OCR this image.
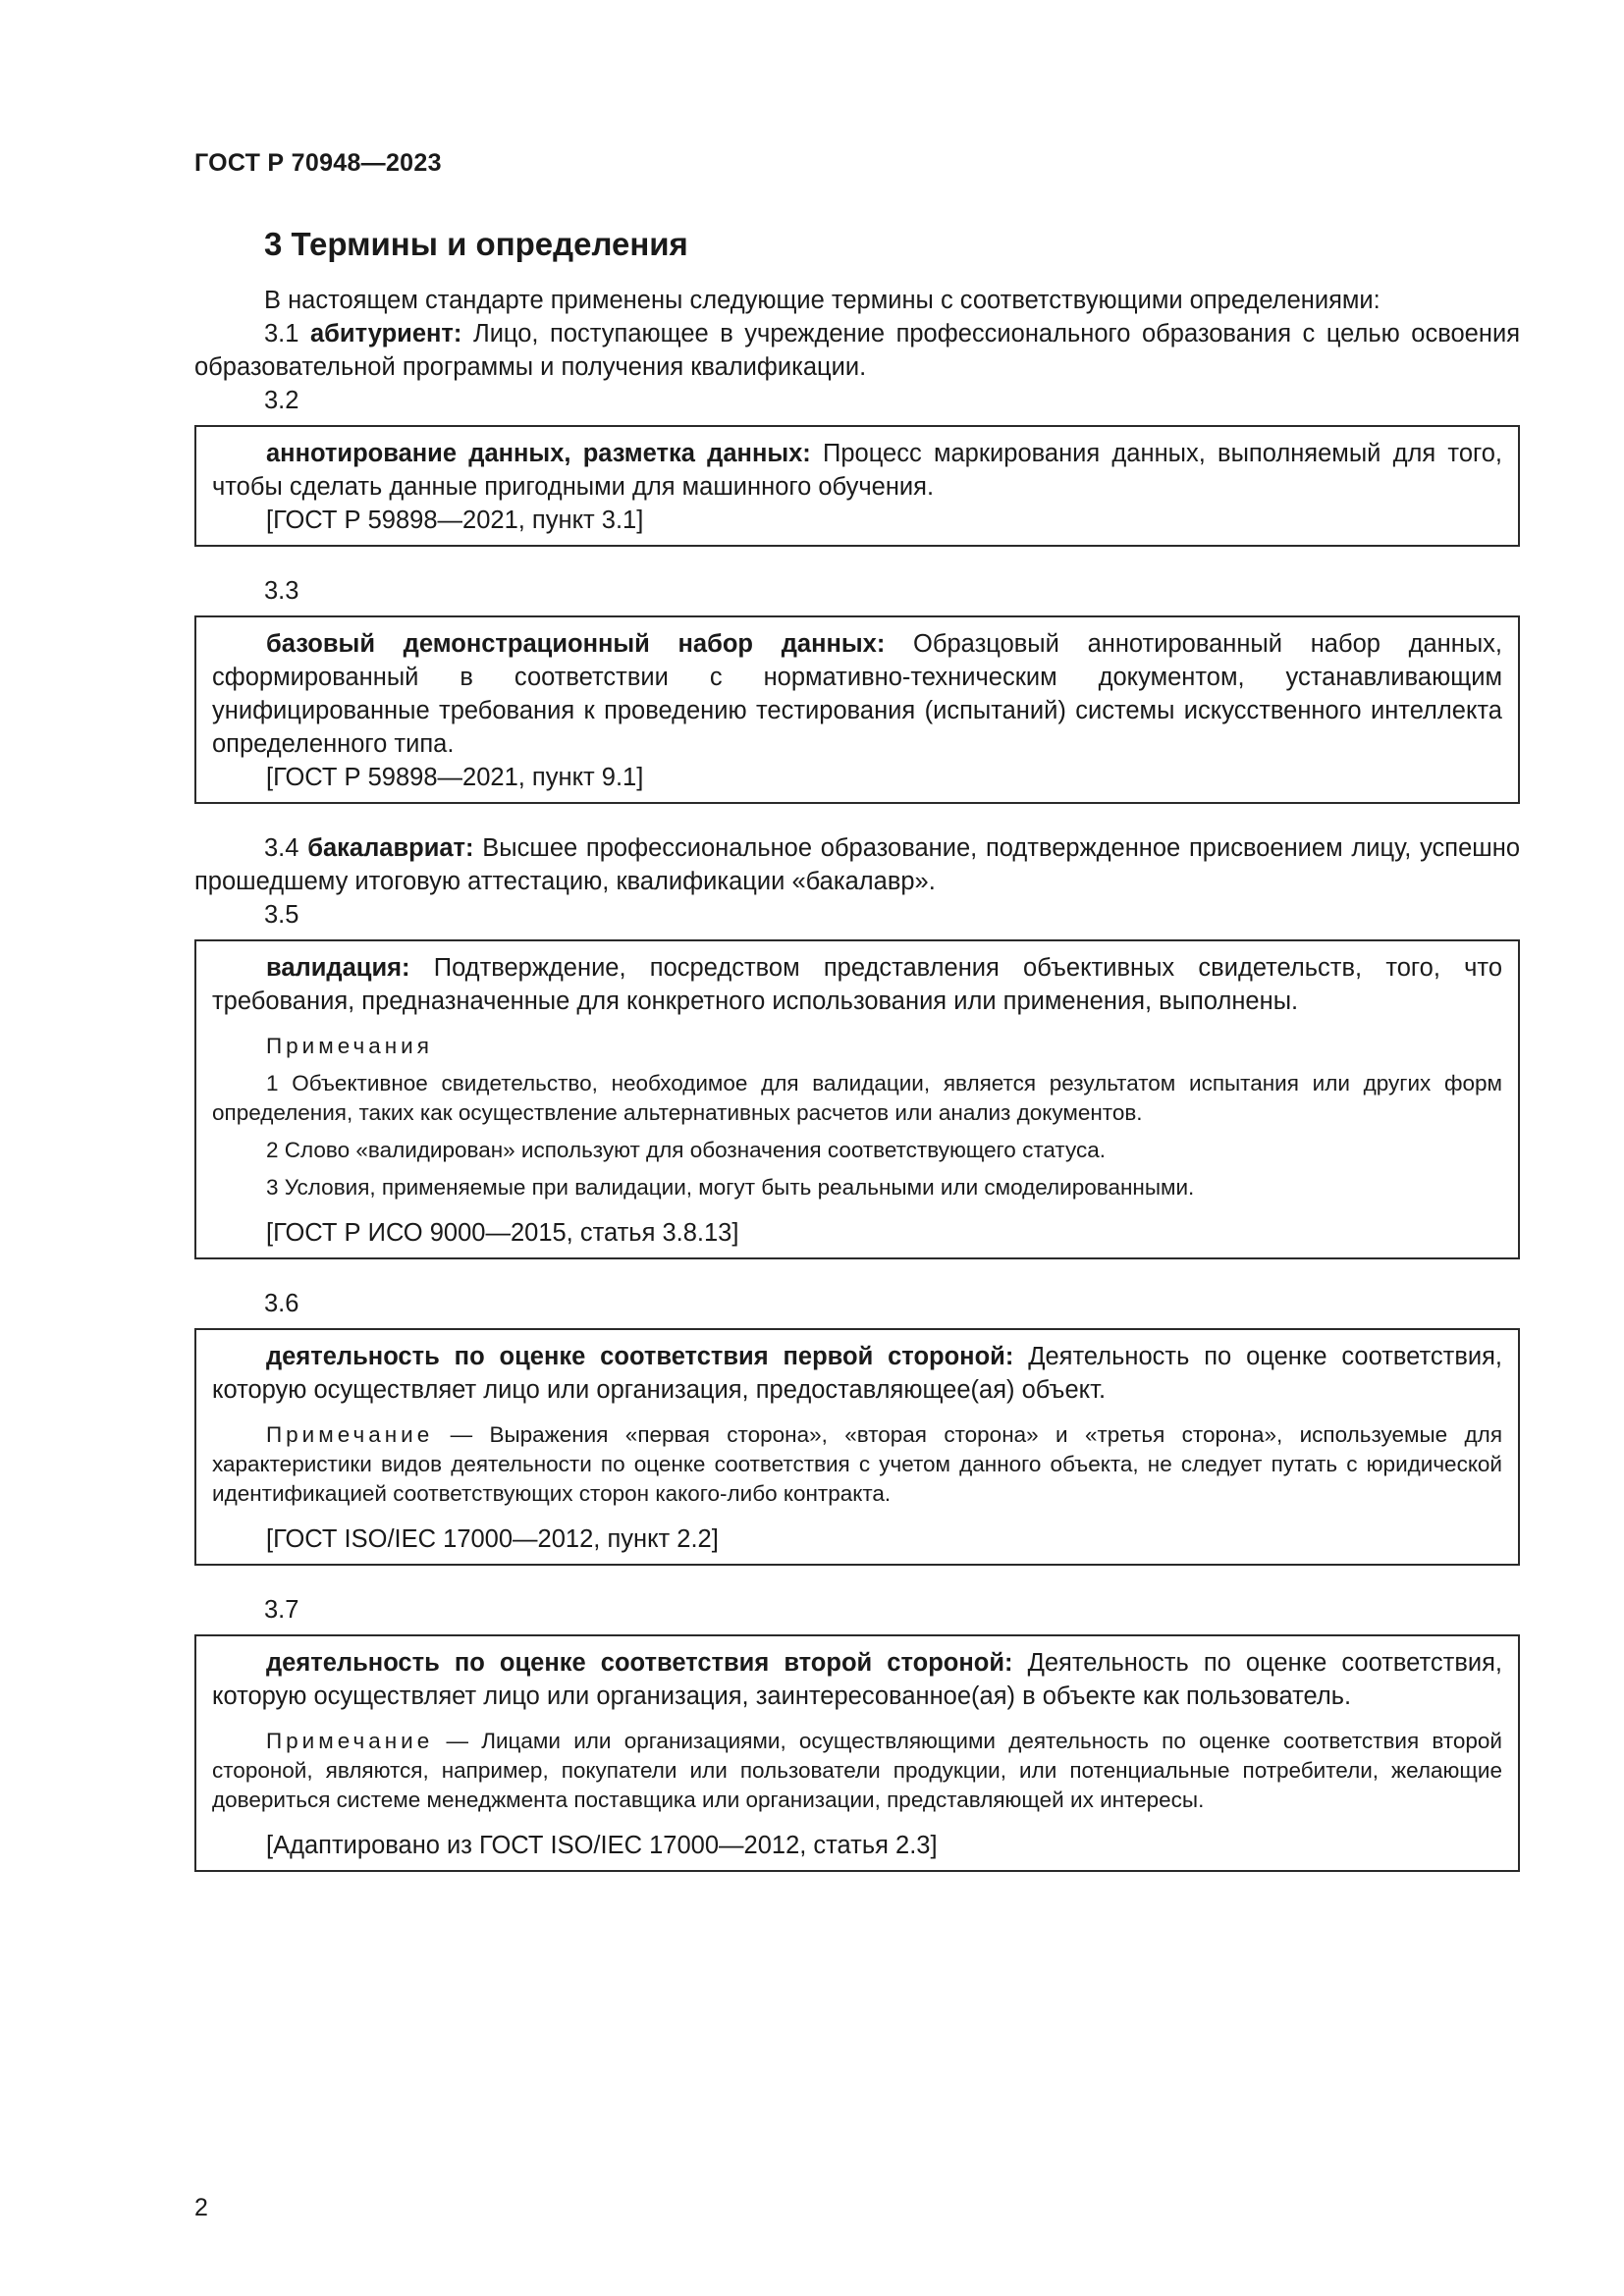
ГОСТ Р 70948—2023
3 Термины и определения

В настоящем стандарте применены следующие термины с соответствующими определениями:

3.1 абитуриент: Лицо, поступающее в учреждение профессионального образования с целью освоения образовательной программы и получения квалификации.

3.2

аннотирование данных, разметка данных: Процесс маркирования данных, выполняемый для того, чтобы сделать данные пригодными для машинного обучения.

[ГОСТ Р 59898—2021, пункт 3.1]

3.3

базовый демонстрационный набор данных: Образцовый аннотированный набор данных, сформированный в соответствии с нормативно-техническим документом, устанавливающим унифицированные требования к проведению тестирования (испытаний) системы искусственного интеллекта определенного типа.

[ГОСТ Р 59898—2021, пункт 9.1]

3.4 бакалавриат: Высшее профессиональное образование, подтвержденное присвоением лицу, успешно прошедшему итоговую аттестацию, квалификации «бакалавр».

3.5

валидация: Подтверждение, посредством представления объективных свидетельств, того, что требования, предназначенные для конкретного использования или применения, выполнены.

Примечания

1 Объективное свидетельство, необходимое для валидации, является результатом испытания или других форм определения, таких как осуществление альтернативных расчетов или анализ документов.

2 Слово «валидирован» используют для обозначения соответствующего статуса.

3 Условия, применяемые при валидации, могут быть реальными или смоделированными.

[ГОСТ Р ИСО 9000—2015, статья 3.8.13]

3.6

деятельность по оценке соответствия первой стороной: Деятельность по оценке соответствия, которую осуществляет лицо или организация, предоставляющее(ая) объект.

Примечание — Выражения «первая сторона», «вторая сторона» и «третья сторона», используемые для характеристики видов деятельности по оценке соответствия с учетом данного объекта, не следует путать с юридической идентификацией соответствующих сторон какого-либо контракта.

[ГОСТ ISO/IEC 17000—2012, пункт 2.2]

3.7

деятельность по оценке соответствия второй стороной: Деятельность по оценке соответствия, которую осуществляет лицо или организация, заинтересованное(ая) в объекте как пользователь.

Примечание — Лицами или организациями, осуществляющими деятельность по оценке соответствия второй стороной, являются, например, покупатели или пользователи продукции, или потенциальные потребители, желающие довериться системе менеджмента поставщика или организации, представляющей их интересы.

[Адаптировано из ГОСТ ISO/IEC 17000—2012, статья 2.3]

2
